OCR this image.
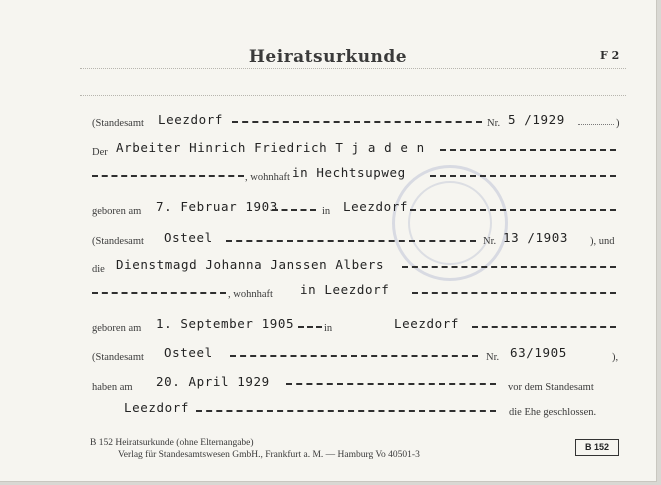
Heiratsurkunde	F 2
(Standesamt Leezdorf	Nr. 5 /1929	)
Der Arbeiter Hinrich Friedrich T j a d e n
, wohnhaft in Hechtsupweg
geboren am 7. Februar 1903	in Leezdorf
(Standesamt Osteel	Nr. 13 /1903 ), und
die Dienstmagd Johanna Janssen Albers
, wohnhaft in Leezdorf
geboren am 1. September 1905	in	Leezdorf
(Standesamt Osteel	Nr. 63/1905	),
haben am 20. April 1929	vor dem Standesamt
Leezdorf	die Ehe geschlossen.
B 152 Heiratsurkunde (ohne Elternangabe)
Verlag für Standesamtswesen GmbH., Frankfurt a. M. — Hamburg Vo 40501-3
B 152
